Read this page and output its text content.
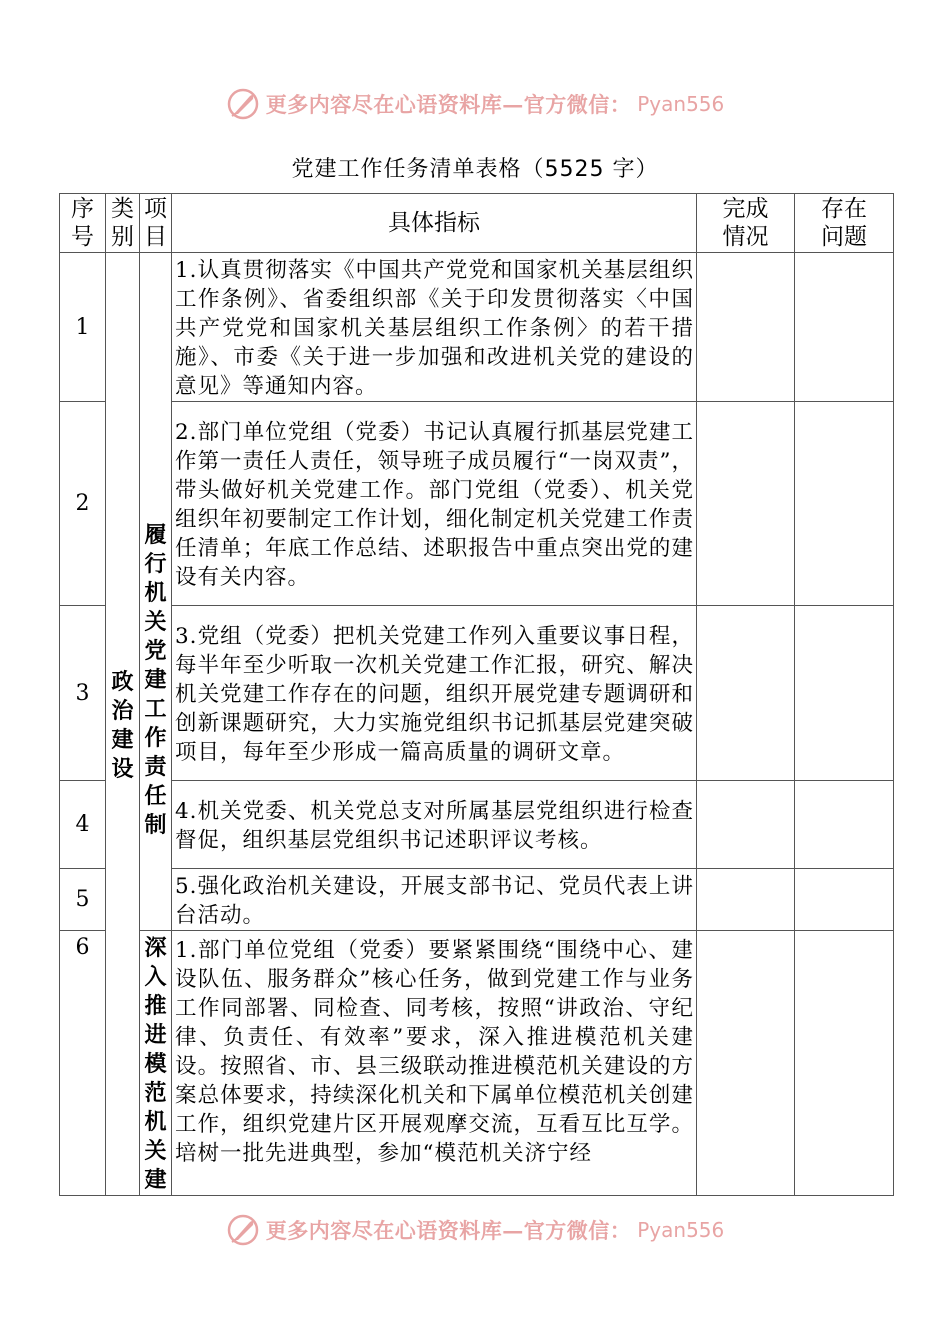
更多内容尽在心语资料库—官方微信： Pyan556
党建工作任务清单表格（5525 字）
序号	类别	项目	具体指标	完成情况	存在问题
1	政治建设	履行机关党建工作责任制	1.认真贯彻落实《中国共产党党和国家机关基层组织工作条例》、省委组织部《关于印发贯彻落实〈中国共产党党和国家机关基层组织工作条例〉的若干措施》、市委《关于进一步加强和改进机关党的建设的意见》等通知内容。		

2			2.部门单位党组（党委）书记认真履行抓基层党建工作第一责任人责任，领导班子成员履行“一岗双责”，带头做好机关党建工作。部门党组（党委）、机关党组织年初要制定工作计划，细化制定机关党建工作责任清单；年底工作总结、述职报告中重点突出党的建设有关内容。		

3			3.党组（党委）把机关党建工作列入重要议事日程，每半年至少听取一次机关党建工作汇报，研究、解决机关党建工作存在的问题，组织开展党建专题调研和创新课题研究，大力实施党组织书记抓基层党建突破项目，每年至少形成一篇高质量的调研文章。		

4			4.机关党委、机关党总支对所属基层党组织进行检查督促，组织基层党组织书记述职评议考核。		

5			5.强化政治机关建设，开展支部书记、党员代表上讲台活动。		

6		深入推进模范机关建	1.部门单位党组（党委）要紧紧围绕“围绕中心、建设队伍、服务群众”核心任务，做到党建工作与业务工作同部署、同检查、同考核，按照“讲政治、守纪律、负责任、有效率”要求，深入推进模范机关建设。按照省、市、县三级联动推进模范机关建设的方案总体要求，持续深化机关和下属单位模范机关创建工作，组织党建片区开展观摩交流，互看互比互学。培树一批先进典型，参加“模范机关济宁经		

更多内容尽在心语资料库—官方微信： Pyan556
